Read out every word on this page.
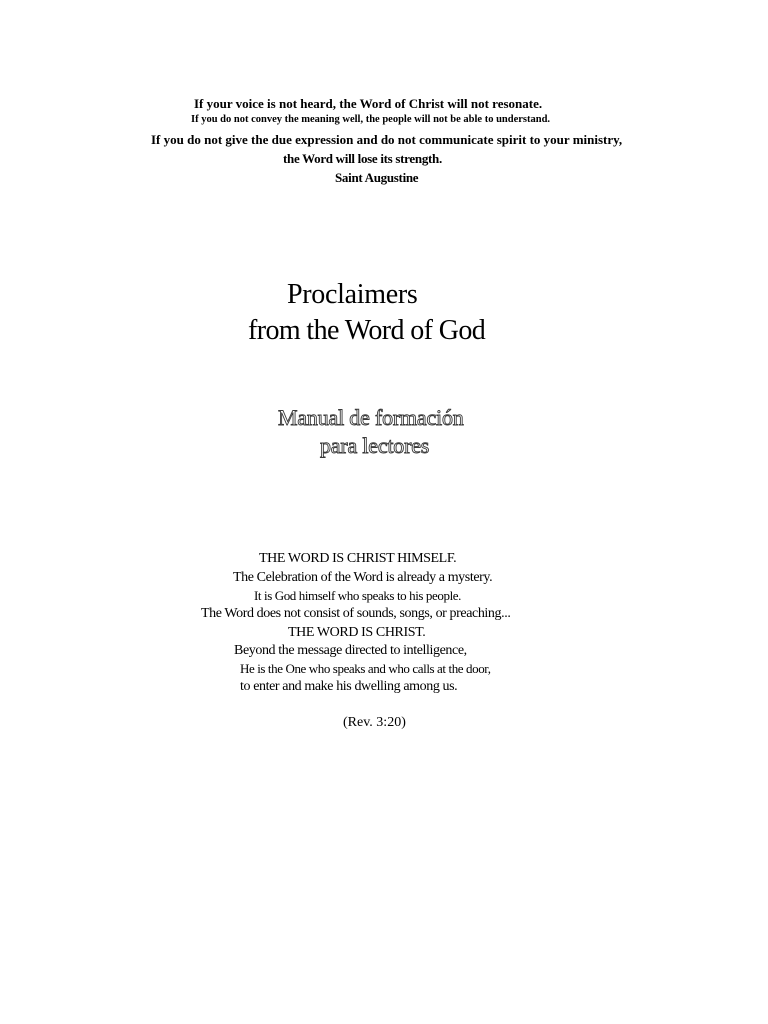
If your voice is not heard, the Word of Christ will not resonate.
If you do not convey the meaning well, the people will not be able to understand.
If you do not give the due expression and do not communicate spirit to your ministry,
the Word will lose its strength.
Saint Augustine
Proclaimers
from the Word of God
Manual de formación
para lectores
THE WORD IS CHRIST HIMSELF.
The Celebration of the Word is already a mystery.
It is God himself who speaks to his people.
The Word does not consist of sounds, songs, or preaching...
THE WORD IS CHRIST.
Beyond the message directed to intelligence,
He is the One who speaks and who calls at the door,
to enter and make his dwelling among us.
(Rev. 3:20)
